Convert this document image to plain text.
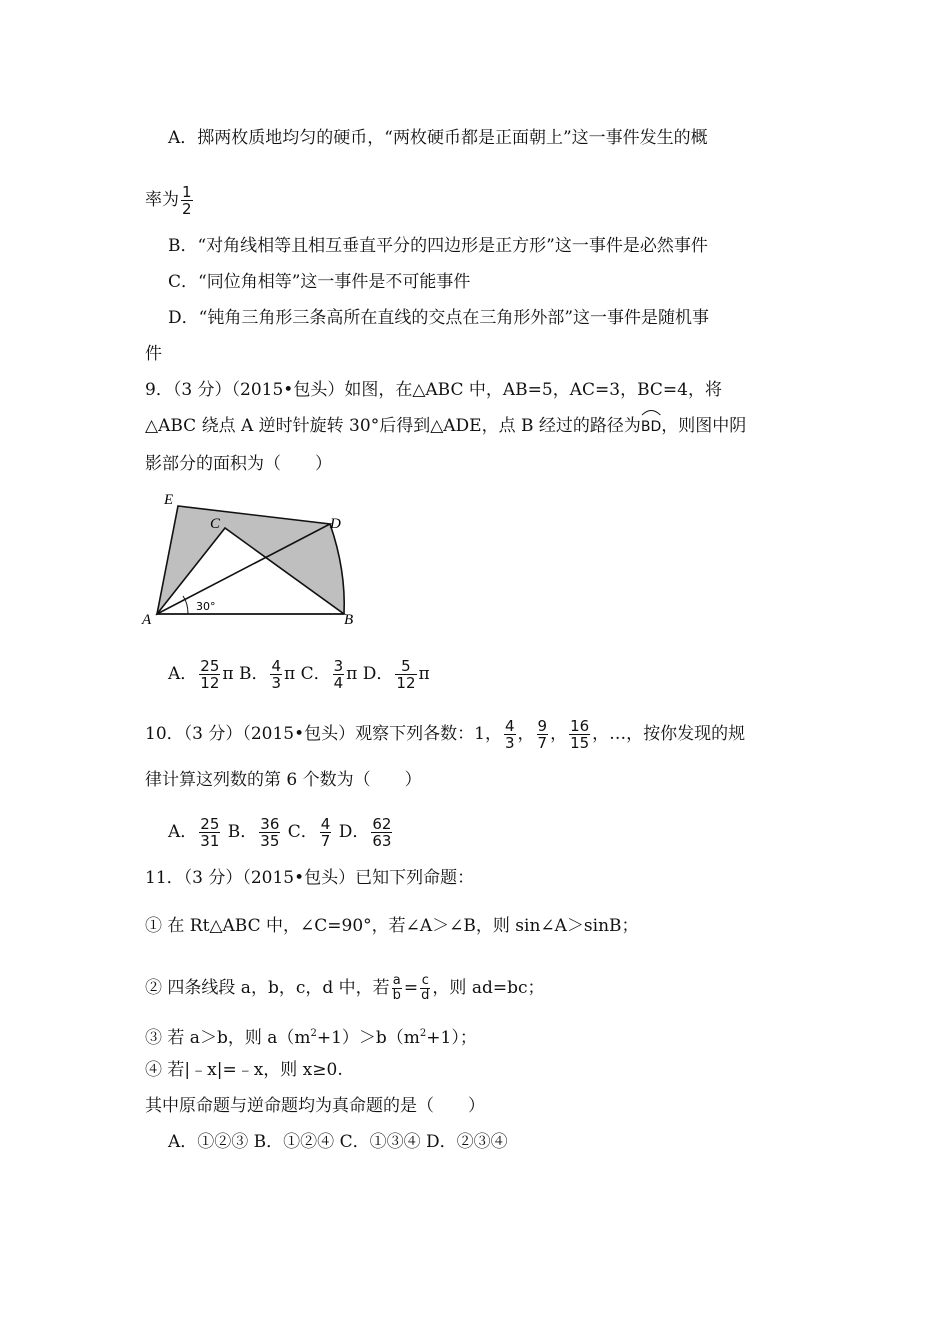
A．掷两枚质地均匀的硬币，“两枚硬币都是正面朝上”这一事件发生的概
率为 $\frac{1}{2}$
B．“对角线相等且相互垂直平分的四边形是正方形”这一事件是必然事件
C．“同位角相等”这一事件是不可能事件
D．“钝角三角形三条高所在直线的交点在三角形外部”这一事件是随机事
件
9．（3 分）（2015•包头）如图，在△ABC 中，AB=5，AC=3，BC=4，将
△ABC 绕点 A 逆时针旋转 30°后得到△ADE，点 B 经过的路径为
BD，则图中阴
影部分的面积为（　　）
E
C	D
A	B
30°
A． $\frac{25}{12}$ π B． $\frac{4}{3}$ π C． $\frac{3}{4}$ π D． $\frac{5}{12}$ π
10．（3 分）（2015•包头）观察下列各数：1， $\frac{4}{3}$ ， $\frac{9}{7}$ ， $\frac{16}{15}$ ，…，按你发现的规
律计算这列数的第 6 个数为（　　）
A． $\frac{25}{31}$ B． $\frac{36}{35}$ C． $\frac{4}{7}$ D． $\frac{62}{63}$
11．（3 分）（2015•包头）已知下列命题：
① 在 Rt△ABC 中，∠C=90°，若∠A＞∠B，则 sin∠A＞sinB；
② 四条线段 a，b，c，d 中，若 $\frac{a}{b} = \frac{c}{d}$ ，则 ad=bc；
③ 若 a＞b，则 $a(m^2+1)>b(m^2+1)$；
④ 若|﹣x|=﹣x，则 x≥0.
其中原命题与逆命题均为真命题的是（　　）
A．①②③ B．①②④ C．①③④ D．②③④
